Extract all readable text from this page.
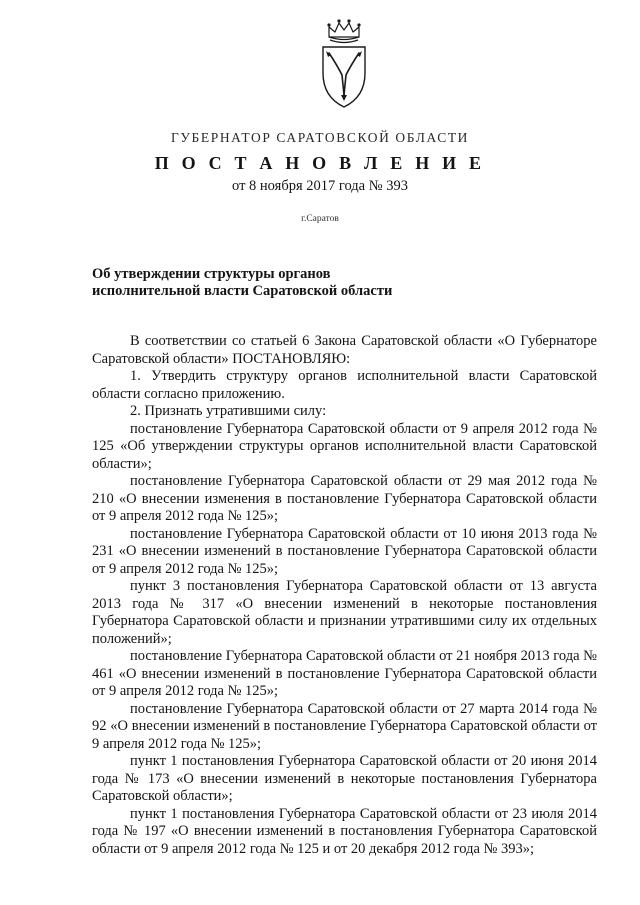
ГУБЕРНАТОР САРАТОВСКОЙ ОБЛАСТИ
П О С Т А Н О В Л Е Н И Е
от 8 ноября 2017 года № 393
г.Саратов
Об утверждении структуры органов
исполнительной власти Саратовской области

В соответствии со статьей 6 Закона Саратовской области «О Губернаторе Саратовской области» ПОСТАНОВЛЯЮ:

1. Утвердить структуру органов исполнительной власти Саратовской области согласно приложению.

2. Признать утратившими силу:

постановление Губернатора Саратовской области от 9 апреля 2012 года № 125 «Об утверждении структуры органов исполнительной власти Саратовской области»;

постановление Губернатора Саратовской области от 29 мая 2012 года № 210 «О внесении изменения в постановление Губернатора Саратовской области от 9 апреля 2012 года № 125»;

постановление Губернатора Саратовской области от 10 июня 2013 года № 231 «О внесении изменений в постановление Губернатора Саратовской области от 9 апреля 2012 года № 125»;

пункт 3 постановления Губернатора Саратовской области от 13 августа 2013 года № 317 «О внесении изменений в некоторые постановления Губернатора Саратовской области и признании утратившими силу их отдельных положений»;

постановление Губернатора Саратовской области от 21 ноября 2013 года № 461 «О внесении изменений в постановление Губернатора Саратовской области от 9 апреля 2012 года № 125»;

постановление Губернатора Саратовской области от 27 марта 2014 года № 92 «О внесении изменений в постановление Губернатора Саратовской области от 9 апреля 2012 года № 125»;

пункт 1 постановления Губернатора Саратовской области от 20 июня 2014 года № 173 «О внесении изменений в некоторые постановления Губернатора Саратовской области»;

пункт 1 постановления Губернатора Саратовской области от 23 июля 2014 года № 197 «О внесении изменений в постановления Губернатора Саратовской области от 9 апреля 2012 года № 125 и от 20 декабря 2012 года № 393»;
